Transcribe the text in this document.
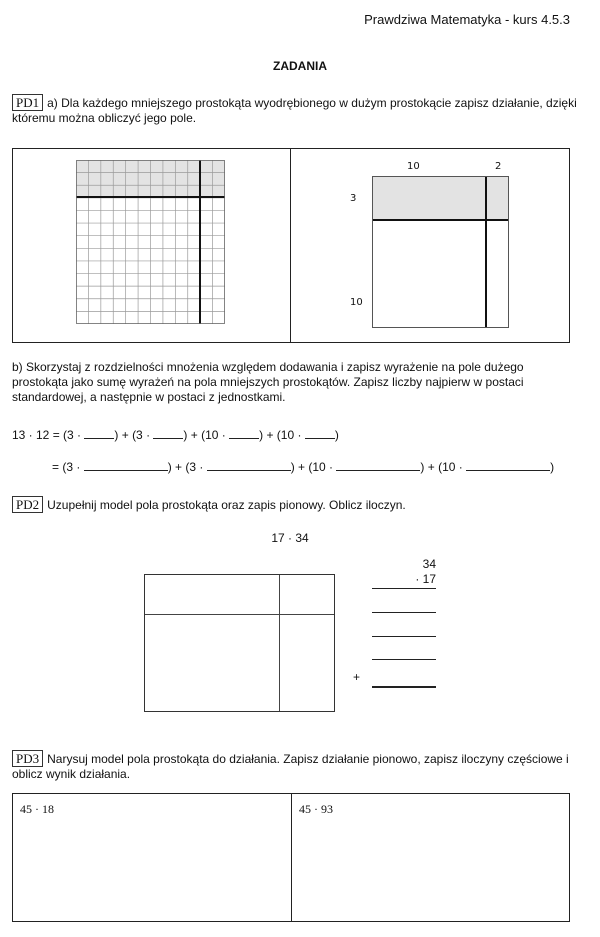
Prawdziwa Matematyka - kurs 4.5.3
ZADANIA
PD1 a) Dla każdego mniejszego prostokąta wyodrębionego w dużym prostokącie zapisz działanie, dzięki któremu można obliczyć jego pole.
10	2
3
10
b) Skorzystaj z rozdzielności mnożenia względem dodawania i zapisz wyrażenie na pole dużego prostokąta jako sumę wyrażeń na pola mniejszych prostokątów. Zapisz liczby najpierw w postaci standardowej, a następnie w postaci z jednostkami.
13 · 12 = (3 ·	) + (3 ·	) + (10 ·	) + (10 ·	)
= (3 ·	) + (3 ·	) + (10 ·	) + (10 ·	)
PD2 Uzupełnij model pola prostokąta oraz zapis pionowy. Oblicz iloczyn.
17 · 34
34
· 17
+
PD3 Narysuj model pola prostokąta do działania. Zapisz działanie pionowo, zapisz iloczyny częściowe i oblicz wynik działania.
45 · 18	45 · 93
